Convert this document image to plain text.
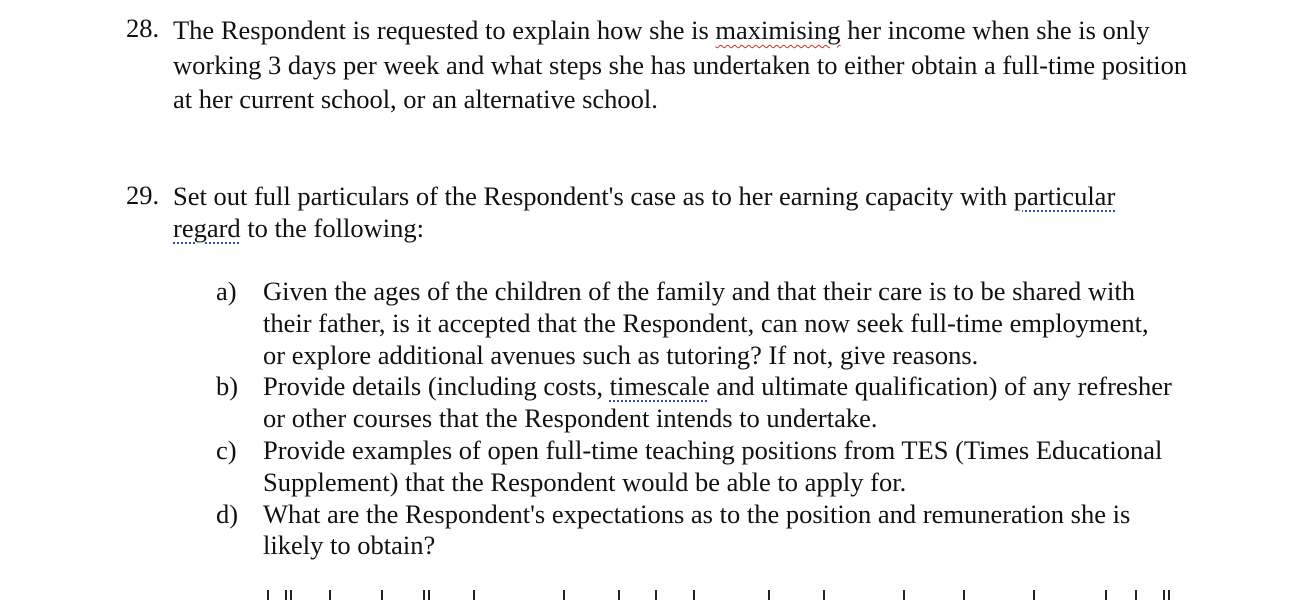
28. The Respondent is requested to explain how she is maximising her income when she is only
working 3 days per week and what steps she has undertaken to either obtain a full-time position
at her current school, or an alternative school.
29. Set out full particulars of the Respondent's case as to her earning capacity with particular
regard to the following:
a) Given the ages of the children of the family and that their care is to be shared with
their father, is it accepted that the Respondent, can now seek full-time employment,
or explore additional avenues such as tutoring? If not, give reasons.
b) Provide details (including costs, timescale and ultimate qualification) of any refresher
or other courses that the Respondent intends to undertake.
c) Provide examples of open full-time teaching positions from TES (Times Educational
Supplement) that the Respondent would be able to apply for.
d) What are the Respondent's expectations as to the position and remuneration she is
likely to obtain?
